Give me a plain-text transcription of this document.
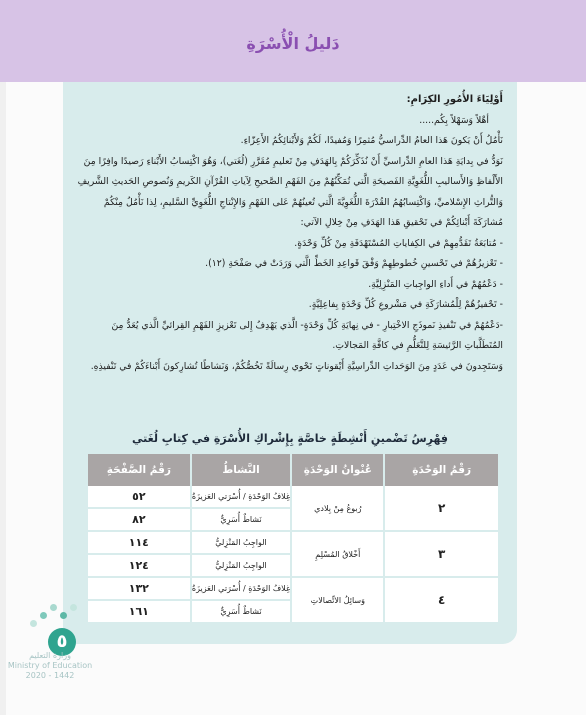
دَليلُ الْأُسْرَةِ

أَوْلِيَاءَ الأُمُورِ الكِرَامِ:

أهْلاً وَسَهْلاً بِكُم.....

نَأْمُلُ أَنْ يَكونَ هَذا العامُ الدِّراسيُّ مُثمِرًا وَمُفيدًا، لَكُمْ وَلأَبْنائِكُمُ الأَعِزّاءِ.

نَوَدُّ في بِدايَةِ هَذا العامِ الدِّراسيِّ أَنْ نُذَكِّرَكُمْ بِالهَدَفِ مِنْ تَعليمِ مُقَرَّرِ (لُغَتي)، وَهُوَ اكْتِسابُ الأَبْناءِ رَصيدًا وافِرًا مِنَ الأَلْفاظِ وَالأَساليبِ اللُّغَوِيَّةِ الفَصيحَةِ الَّتي تُمَكِّنُهُمْ مِنَ الفَهْمِ الصَّحيحِ لِآياتِ القُرْآنِ الكَريمِ وَنُصوصِ الحَديثِ الشَّريفِ وَالتُّراثِ الإِسْلاميِّ، وَاكْتِسابُهُمُ القُدْرَةَ اللُّغَوِيَّةَ الَّتي تُعينُهُمْ عَلى الفَهْمِ وَالإِنْتاجِ اللُّغَوِيِّ السَّليمِ، لِذا نَأْمُلُ مِنْكُمْ مُشارَكَةَ أَبْنائِكُمْ في تَحْقيقِ هَذا الهَدَفِ مِنْ خِلالِ الآتي:

- مُتابَعَةُ تَقَدُّمِهِمْ في الكِفاياتِ المُسْتَهْدَفَةِ مِنْ كُلِّ وَحْدَةٍ.

- تَعْزيزُهُمْ في تَحْسينِ خُطوطِهِمْ وَفْقَ قَواعِدِ الخَطِّ الَّتي وَرَدَتْ في صَفْحَةِ (١٢).

- دَعْمُهُمْ في أَداءِ الواجِباتِ المَنْزِلِيَّةِ.

- تَحْفيزُهُمْ لِلْمُشارَكَةِ في مَشْروعِ كُلِّ وَحْدَةٍ بِفاعِلِيَّةٍ.

-دَعْمُهُمْ في تَنْفيذِ نَموذَجِ الاخْتِبارِ - في نِهايَةِ كُلِّ وَحْدَةٍ- الَّذي يَهْدِفُ إِلى تَعْزيزِ الفَهْمِ القِرائيِّ الَّذي يُعَدُّ مِنَ المُتَطَلَّباتِ الرَّئيسَةِ لِلتَّعَلُّمِ في كافَّةِ المَجالاتِ.

وَسَتَجِدونَ في عَدَدٍ مِنَ الوَحَداتِ الدِّراسِيَّةِ أَيْقوناتٍ تَحْوي رِسالَةً تَخُصُّكُمْ، وَنَشاطًا تُشارِكونَ أَبْناءَكُمْ في تَنْفيذِهِ.

فِهْرِسُ تَضْمينِ أَنْشِطَةٍ خاصَّةٍ بِإِشْراكِ الأُسْرَةِ في كِتابِ لُغَتي
رَقْمُ الوَحْدَةِ	عُنْوانُ الوَحْدَةِ	النَّشاطُ	رَقْمُ الصَّفْحَةِ
٢	رُبوعُ مِنْ بِلادي	غِلافُ الوَحْدَةِ / أُسْرَتي العَزيزَةُ	٥٢
		نَشاطٌ أُسَرِيٌّ	٨٢
٣	أَخْلاقُ المُسْلِمِ	الواجِبُ المَنْزِليُّ	١١٤
		الواجِبُ المَنْزِليُّ	١٢٤
٤	وَسائِلُ الاتِّصالاتِ	غِلافُ الوَحْدَةِ / أُسْرَتي العَزيزَةُ	١٣٢
		نَشاطٌ أُسَرِيٌّ	١٦١
٥
وزارة التعليم
Ministry of Education
2020 - 1442
